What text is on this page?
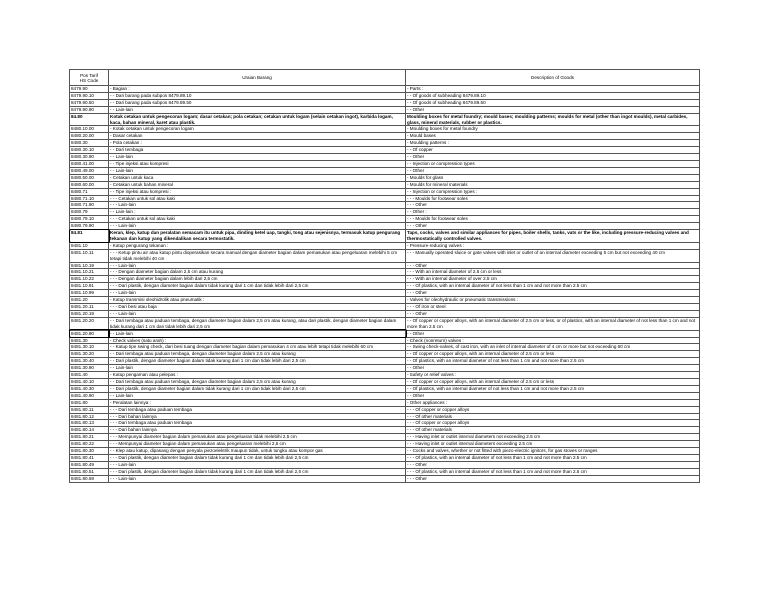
Pos Tarif
HS Code	Uraian Barang	Description of Goods
8479.90	- Bagian :	- Parts :
8479.90.10	- - Dari barang pada subpos 8479.89.10	- - Of goods of subheading 8479.89.10
8479.90.50	- - Dari barang pada subpos 8479.89.50	- - Of goods of subheading 8479.89.50
8479.90.90	- - Lain-lain	- - Other
84.80	Kotak cetakan untuk pengecoran logam; dasar cetakan; pola cetakan; cetakan untuk logam (selain cetakan ingot), karbida logam, kaca, bahan mineral, karet atau plastik.	Moulding boxes for metal foundry; mould bases; moulding patterns; moulds for metal (other than ingot moulds), metal carbides, glass, mineral materials, rubber or plastics.
8480.10.00	- Kotak cetakan untuk pengecoran logam	- Moulding boxes for metal foundry
8480.20.00	- Dasar cetakan	- Mould bases
8480.30	- Pola cetakan :	- Moulding patterns :
8480.30.10	- - Dari tembaga	- - Of copper
8480.30.90	- - Lain-lain	- - Other
8480.41.00	- - Tipe injeksi atau kompresi	- - Injection or compression types
8480.49.00	- - Lain-lain	- - Other
8480.50.00	- Cetakan untuk kaca	- Moulds for glass
8480.60.00	- Cetakan untuk bahan mineral	- Moulds for mineral materials
8480.71	- - Tipe injeksi atau kompresi :	- - Injection or compression types :
8480.71.10	- - - Cetakan untuk sol atau kaki	- - - Moulds for footwear soles
8480.71.90	- - - Lain-lain	- - - Other
8480.79	- - Lain-lain :	- - Other :
8480.79.10	- - - Cetakan untuk sol atau kaki	- - - Moulds for footwear soles
8480.79.90	- - - Lain-lain	- - - Other
84.81	Keran, klep, katup dan peralatan semacam itu untuk pipa, dinding ketel uap, tangki, tong atau sejenisnya, termasuk katup pengurang tekanan dan katup yang dikendalikan secara termostatik.	Taps, cocks, valves and similar appliances for pipes, boiler shells, tanks, vats or the like, including pressure-reducing valves and thermostatically controlled valves.
8481.10	- Katup pengurang tekanan :	- Pressure-reducing valves :
8481.10.11	- - - Ketup pintu air atau katup pintu dioperasikan secara manual dengan diameter bagian dalam pemasukan atau pengeluaran melebihi 5 cm tetapi tidak melebihi 40 cm	- - - Manually operated sluice or gate valves with inlet or outlet of an internal diameter exceeding 5 cm but not exceeding 40 cm
8481.10.19	- - - Lain-lain	- - - Other
8481.10.21	- - - Dengan diameter bagian dalam 2,5 cm atau kurang	- - - With an internal diameter of 2.5 cm or less
8481.10.22	- - - Dengan diameter bagian dalam lebih dari 2,5 cm	- - - With an internal diameter of over 2.5 cm
8481.10.91	- - - Dari plastik, dengan diameter bagian dalam tidak kurang dari 1 cm dan tidak lebih dari 2,5 cm	- - - Of plastics, with an internal diameter of not less than 1 cm and not more than 2.5 cm
8481.10.99	- - - Lain-lain	- - - Other
8481.20	- Katup transmisi oleohidrolik atau pneumatik :	- Valves for oleohydraulic or pneumatic transmissions :
8481.20.11	- - - Dari besi atau baja	- - - Of iron or steel
8481.20.19	- - - Lain-lain	- - - Other
8481.20.20	- - Dari tembaga atau paduan tembaga, dengan diameter bagian dalam 2,5 cm atau kurang, atau dari plastik, dengan diameter bagian dalam tidak kurang dari 1 cm dan tidak lebih dari 2,5 cm	- - Of copper or copper alloys, with an internal diameter of 2.5 cm or less, or of plastics, with an internal diameter of not less than 1 cm and not more than 2.5 cm
8481.20.90	- - Lain-lain	- - Other
8481.30	- Check valves (satu arah) :	- Check (nonreturn) valves :
8481.30.10	- - Katup tipe swing check, dari besi tuang dengan diameter bagian dalam pemasukan 4 cm atau lebih tetapi tidak melebihi 60 cm	- - Swing check-valves, of cast iron, with an inlet of internal diameter of 4 cm or more but not exceeding 60 cm
8481.30.20	- - Dari tembaga atau paduan tembaga, dengan diameter bagian dalam 2,5 cm atau kurang	- - Of copper or copper alloys, with an internal diameter of 2.5 cm or less
8481.30.40	- - Dari plastik, dengan diameter bagian dalam tidak kurang dari 1 cm dan tidak lebih dari 2,5 cm	- - Of plastics, with an internal diameter of not less than 1 cm and not more than 2.5 cm
8481.30.90	- - Lain-lain	- - Other
8481.40	- Katup pengaman atau pelepas :	- Safety or relief valves :
8481.40.10	- - Dari tembaga atau paduan tembaga, dengan diameter bagian dalam 2,5 cm atau kurang	- - Of copper or copper alloys, with an internal diameter of 2.5 cm or less
8481.40.30	- - Dari plastik, dengan diameter bagian dalam tidak kurang dari 1 cm dan tidak lebih dari 2,5 cm	- - Of plastics, with an internal diameter of not less than 1 cm and not more than 2.5 cm
8481.40.90	- - Lain-lain	- - Other
8481.80	- Peralatan lainnya :	- Other appliances :
8481.80.11	- - - Dari tembaga atau paduan tembaga	- - - Of copper or copper alloys
8481.80.12	- - - Dari bahan lainnya	- - - Of other materials
8481.80.13	- - - Dari tembaga atau paduan tembaga	- - - Of copper or copper alloys
8481.80.14	- - - Dari bahan lainnya	- - - Of other materials
8481.80.21	- - - Mempunyai diameter bagian dalam pemasukan atau pengeluaran tidak melebihi 2,5 cm	- - - Having inlet or outlet internal diameters not exceeding 2.5 cm
8481.80.22	- - - Mempunyai diameter bagian dalam pemasukan atau pengeluaran melebihi 2,5 cm	- - - Having inlet or outlet internal diameters exceeding 2.5 cm
8481.80.30	- - Klep atau katup, dipasang dengan penyala piezoelektrik maupun tidak, untuk tungku atau kompor gas	- - Cocks and valves, whether or not fitted with piezo-electric ignitors, for gas stoves or ranges
8481.80.41	- - - Dari plastik, dengan diameter bagian dalam tidak kurang dari 1 cm dan tidak lebih dari 2,5 cm	- - - Of plastics, with an internal diameter of not less than 1 cm and not more than 2.5 cm
8481.80.49	- - - Lain-lain	- - - Other
8481.80.51	- - - Dari plastik, dengan diameter bagian dalam tidak kurang dari 1 cm dan tidak lebih dari 2,5 cm	- - - Of plastics, with an internal diameter of not less than 1 cm and not more than 2.5 cm
8481.80.59	- - - Lain-lain	- - - Other
